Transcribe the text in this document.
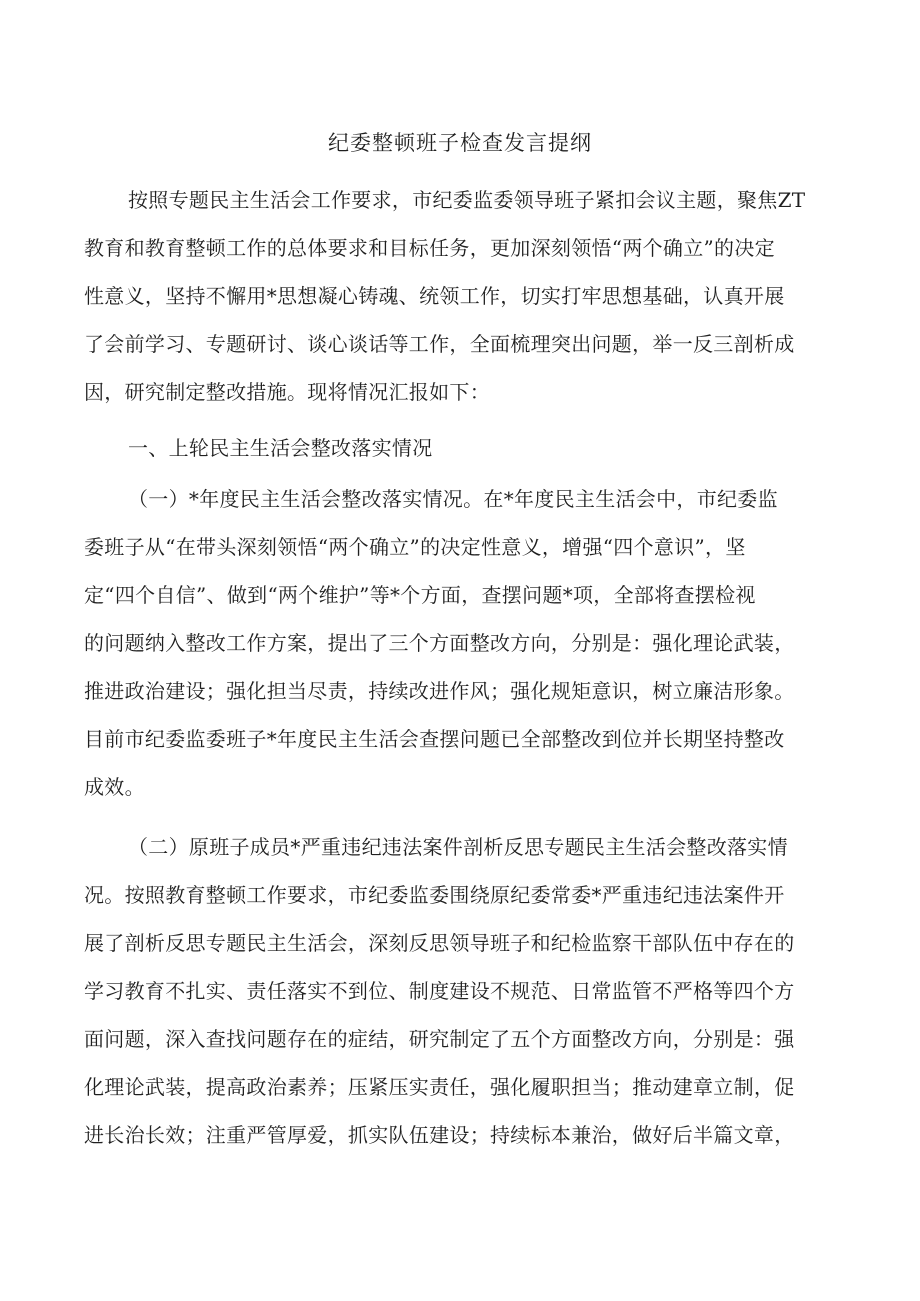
纪委整顿班子检查发言提纲
按照专题民主生活会工作要求，市纪委监委领导班子紧扣会议主题，聚焦ZT
教育和教育整顿工作的总体要求和目标任务，更加深刻领悟“两个确立”的决定
性意义，坚持不懈用*思想凝心铸魂、统领工作，切实打牢思想基础，认真开展
了会前学习、专题研讨、谈心谈话等工作，全面梳理突出问题，举一反三剖析成
因，研究制定整改措施。现将情况汇报如下：
一、上轮民主生活会整改落实情况
（一）*年度民主生活会整改落实情况。在*年度民主生活会中，市纪委监
委班子从“在带头深刻领悟“两个确立”的决定性意义，增强“四个意识”，坚
定“四个自信”、做到“两个维护”等*个方面，查摆问题*项，全部将查摆检视
的问题纳入整改工作方案，提出了三个方面整改方向，分别是：强化理论武装，
推进政治建设；强化担当尽责，持续改进作风；强化规矩意识，树立廉洁形象。
目前市纪委监委班子*年度民主生活会查摆问题已全部整改到位并长期坚持整改
成效。
（二）原班子成员*严重违纪违法案件剖析反思专题民主生活会整改落实情
况。按照教育整顿工作要求，市纪委监委围绕原纪委常委*严重违纪违法案件开
展了剖析反思专题民主生活会，深刻反思领导班子和纪检监察干部队伍中存在的
学习教育不扎实、责任落实不到位、制度建设不规范、日常监管不严格等四个方
面问题，深入查找问题存在的症结，研究制定了五个方面整改方向，分别是：强
化理论武装，提高政治素养；压紧压实责任，强化履职担当；推动建章立制，促
进长治长效；注重严管厚爱，抓实队伍建设；持续标本兼治，做好后半篇文章，
